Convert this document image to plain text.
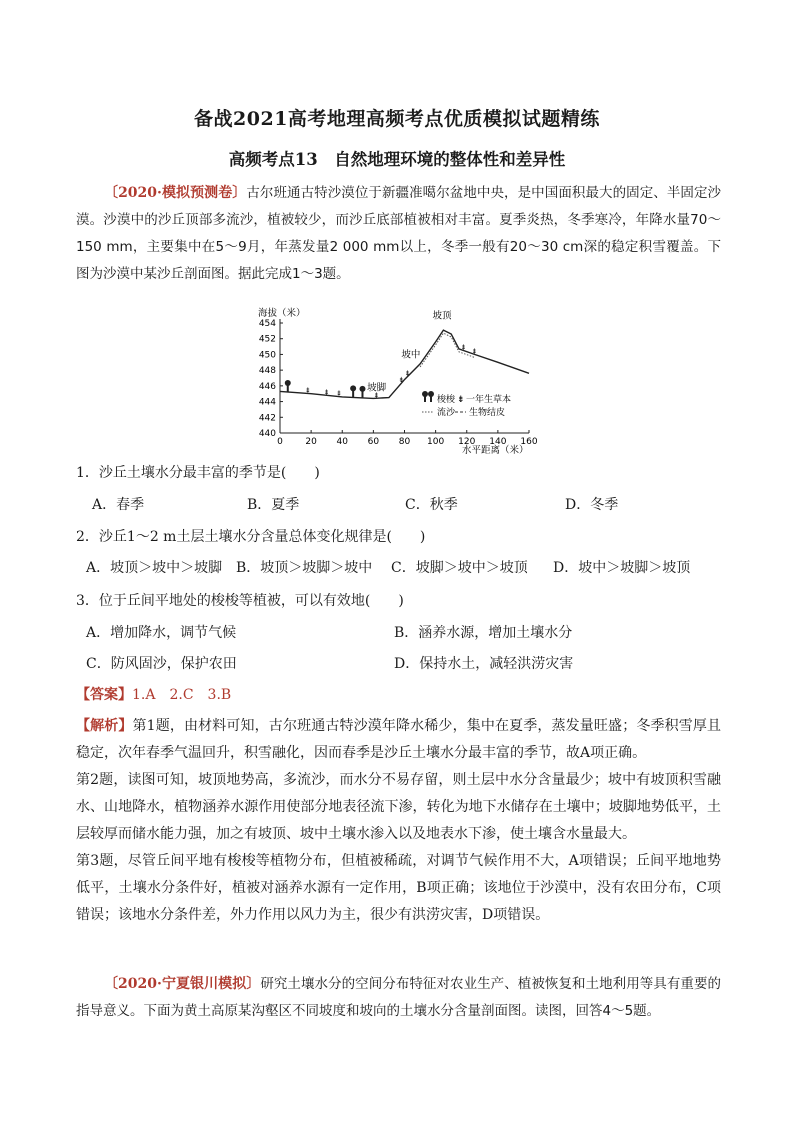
备战2021高考地理高频考点优质模拟试题精练
高频考点13　自然地理环境的整体性和差异性

〔2020·模拟预测卷〕古尔班通古特沙漠位于新疆准噶尔盆地中央，是中国面积最大的固定、半固定沙漠。沙漠中的沙丘顶部多流沙，植被较少，而沙丘底部植被相对丰富。夏季炎热，冬季寒冷，年降水量70～150 mm，主要集中在5～9月，年蒸发量2 000 mm以上，冬季一般有20～30 cm深的稳定积雪覆盖。下图为沙漠中某沙丘剖面图。据此完成1～3题。

海拔（米）
454
452
450
448
446
444
442
440
0	20 40 60 80 100 120 140 160
⇟ ⇟ ⇟	⇟
⇟
⇟
⇟ ⇟
坡顶
坡中
坡脚
梭梭 ⇟ 一年生草本
流沙 生物结皮
水平距离（米）

1．沙丘土壤水分最丰富的季节是(　　)

A．春季	B．夏季	C．秋季	D．冬季

2．沙丘1～2 m土层土壤水分含量总体变化规律是(　　)

A．坡顶＞坡中＞坡脚 B．坡顶＞坡脚＞坡中	C．坡脚＞坡中＞坡顶	D．坡中＞坡脚＞坡顶

3．位于丘间平地处的梭梭等植被，可以有效地(　　)

A．增加降水，调节气候	B．涵养水源，增加土壤水分
C．防风固沙，保护农田	D．保持水土，减轻洪涝灾害

【答案】1.A　2.C　3.B

【解析】第1题，由材料可知，古尔班通古特沙漠年降水稀少，集中在夏季，蒸发量旺盛；冬季积雪厚且稳定，次年春季气温回升，积雪融化，因而春季是沙丘土壤水分最丰富的季节，故A项正确。

第2题，读图可知，坡顶地势高，多流沙，而水分不易存留，则土层中水分含量最少；坡中有坡顶积雪融水、山地降水，植物涵养水源作用使部分地表径流下渗，转化为地下水储存在土壤中；坡脚地势低平，土层较厚而储水能力强，加之有坡顶、坡中土壤水渗入以及地表水下渗，使土壤含水量最大。

第3题，尽管丘间平地有梭梭等植物分布，但植被稀疏，对调节气候作用不大，A项错误；丘间平地地势低平，土壤水分条件好，植被对涵养水源有一定作用，B项正确；该地位于沙漠中，没有农田分布，C项错误；该地水分条件差，外力作用以风力为主，很少有洪涝灾害，D项错误。

〔2020·宁夏银川模拟〕研究土壤水分的空间分布特征对农业生产、植被恢复和土地利用等具有重要的指导意义。下面为黄土高原某沟壑区不同坡度和坡向的土壤水分含量剖面图。读图，回答4～5题。
